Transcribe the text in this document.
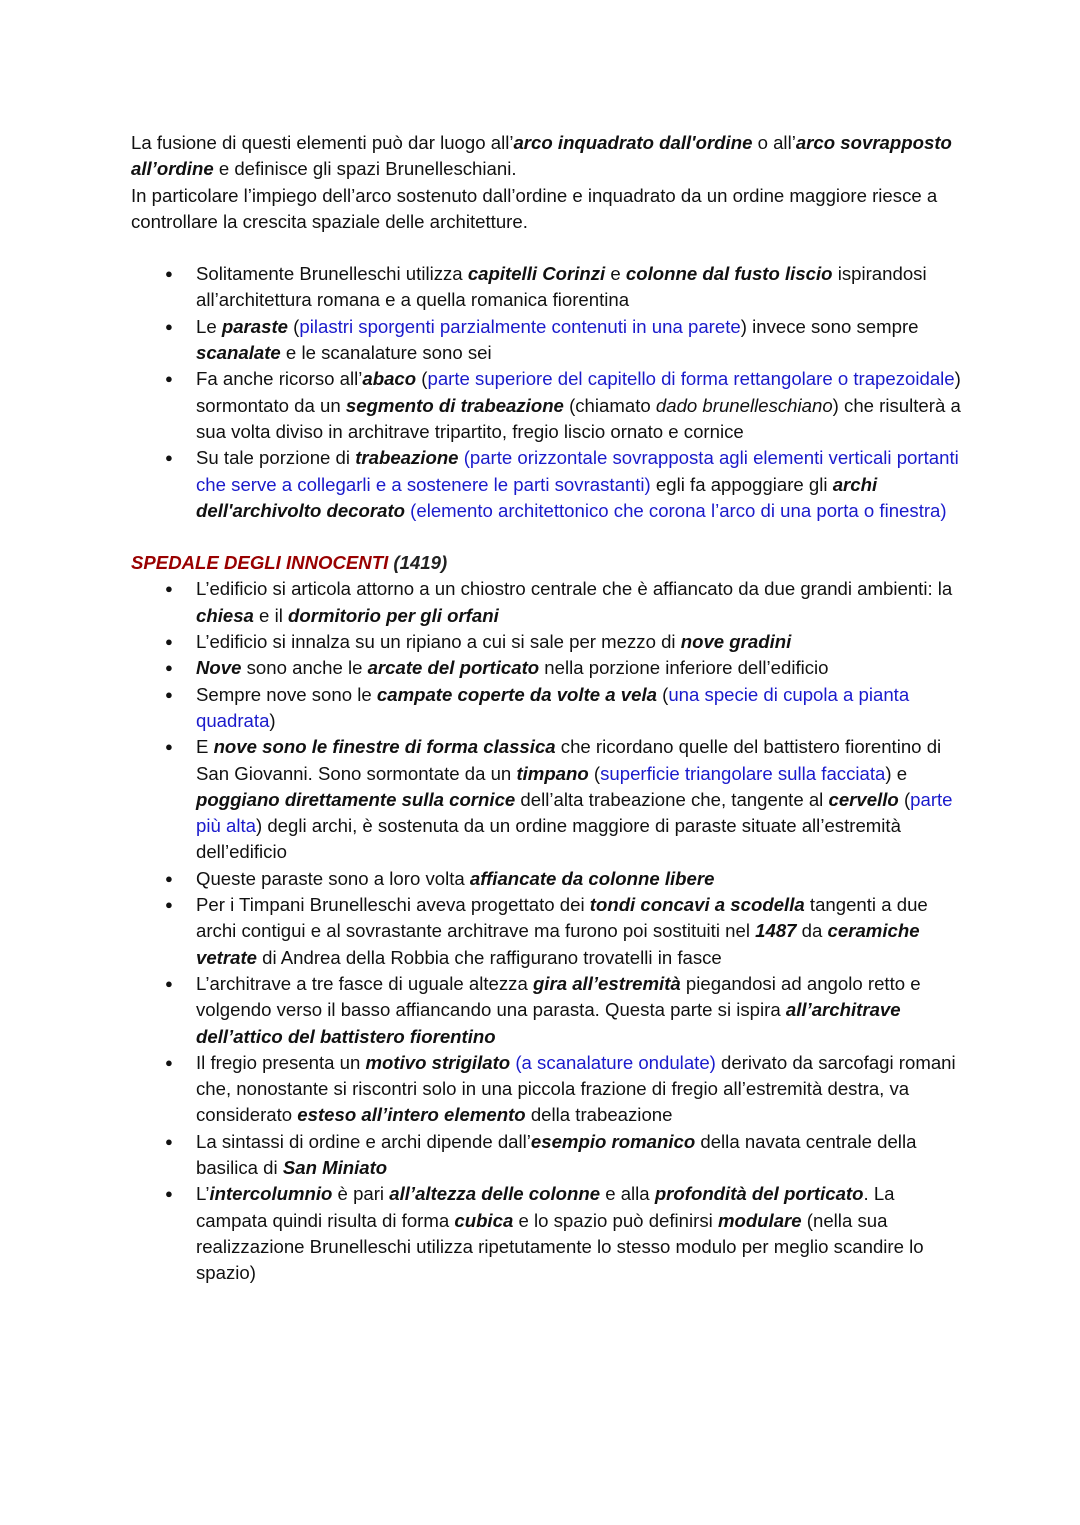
La fusione di questi elementi può dar luogo all’arco inquadrato dall'ordine o all’arco sovrapposto all’ordine e definisce gli spazi Brunelleschiani.

In particolare l’impiego dell’arco sostenuto dall’ordine e inquadrato da un ordine maggiore riesce a controllare la crescita spaziale delle architetture.

● Solitamente Brunelleschi utilizza capitelli Corinzi e colonne dal fusto liscio ispirandosi all’architettura romana e a quella romanica fiorentina
● Le paraste (pilastri sporgenti parzialmente contenuti in una parete) invece sono sempre scanalate e le scanalature sono sei
● Fa anche ricorso all’abaco (parte superiore del capitello di forma rettangolare o trapezoidale) sormontato da un segmento di trabeazione (chiamato dado brunelleschiano) che risulterà a sua volta diviso in architrave tripartito, fregio liscio ornato e cornice
● Su tale porzione di trabeazione (parte orizzontale sovrapposta agli elementi verticali portanti che serve a collegarli e a sostenere le parti sovrastanti) egli fa appoggiare gli archi dell'archivolto decorato (elemento architettonico che corona l’arco di una porta o finestra)
SPEDALE DEGLI INNOCENTI (1419)
● L’edificio si articola attorno a un chiostro centrale che è affiancato da due grandi ambienti: la chiesa e il dormitorio per gli orfani
● L’edificio si innalza su un ripiano a cui si sale per mezzo di nove gradini
● Nove sono anche le arcate del porticato nella porzione inferiore dell’edificio
● Sempre nove sono le campate coperte da volte a vela (una specie di cupola a pianta quadrata)
● E nove sono le finestre di forma classica che ricordano quelle del battistero fiorentino di San Giovanni. Sono sormontate da un timpano (superficie triangolare sulla facciata) e poggiano direttamente sulla cornice dell’alta trabeazione che, tangente al cervello (parte più alta) degli archi, è sostenuta da un ordine maggiore di paraste situate all’estremità dell’edificio
● Queste paraste sono a loro volta affiancate da colonne libere
● Per i Timpani Brunelleschi aveva progettato dei tondi concavi a scodella tangenti a due archi contigui e al sovrastante architrave ma furono poi sostituiti nel 1487 da ceramiche vetrate di Andrea della Robbia che raffigurano trovatelli in fasce
● L’architrave a tre fasce di uguale altezza gira all’estremità piegandosi ad angolo retto e volgendo verso il basso affiancando una parasta. Questa parte si ispira all’architrave dell’attico del battistero fiorentino
● Il fregio presenta un motivo strigilato (a scanalature ondulate) derivato da sarcofagi romani che, nonostante si riscontri solo in una piccola frazione di fregio all’estremità destra, va considerato esteso all’intero elemento della trabeazione
● La sintassi di ordine e archi dipende dall’esempio romanico della navata centrale della basilica di San Miniato
● L’intercolumnio è pari all’altezza delle colonne e alla profondità del porticato. La campata quindi risulta di forma cubica e lo spazio può definirsi modulare (nella sua realizzazione Brunelleschi utilizza ripetutamente lo stesso modulo per meglio scandire lo spazio)
